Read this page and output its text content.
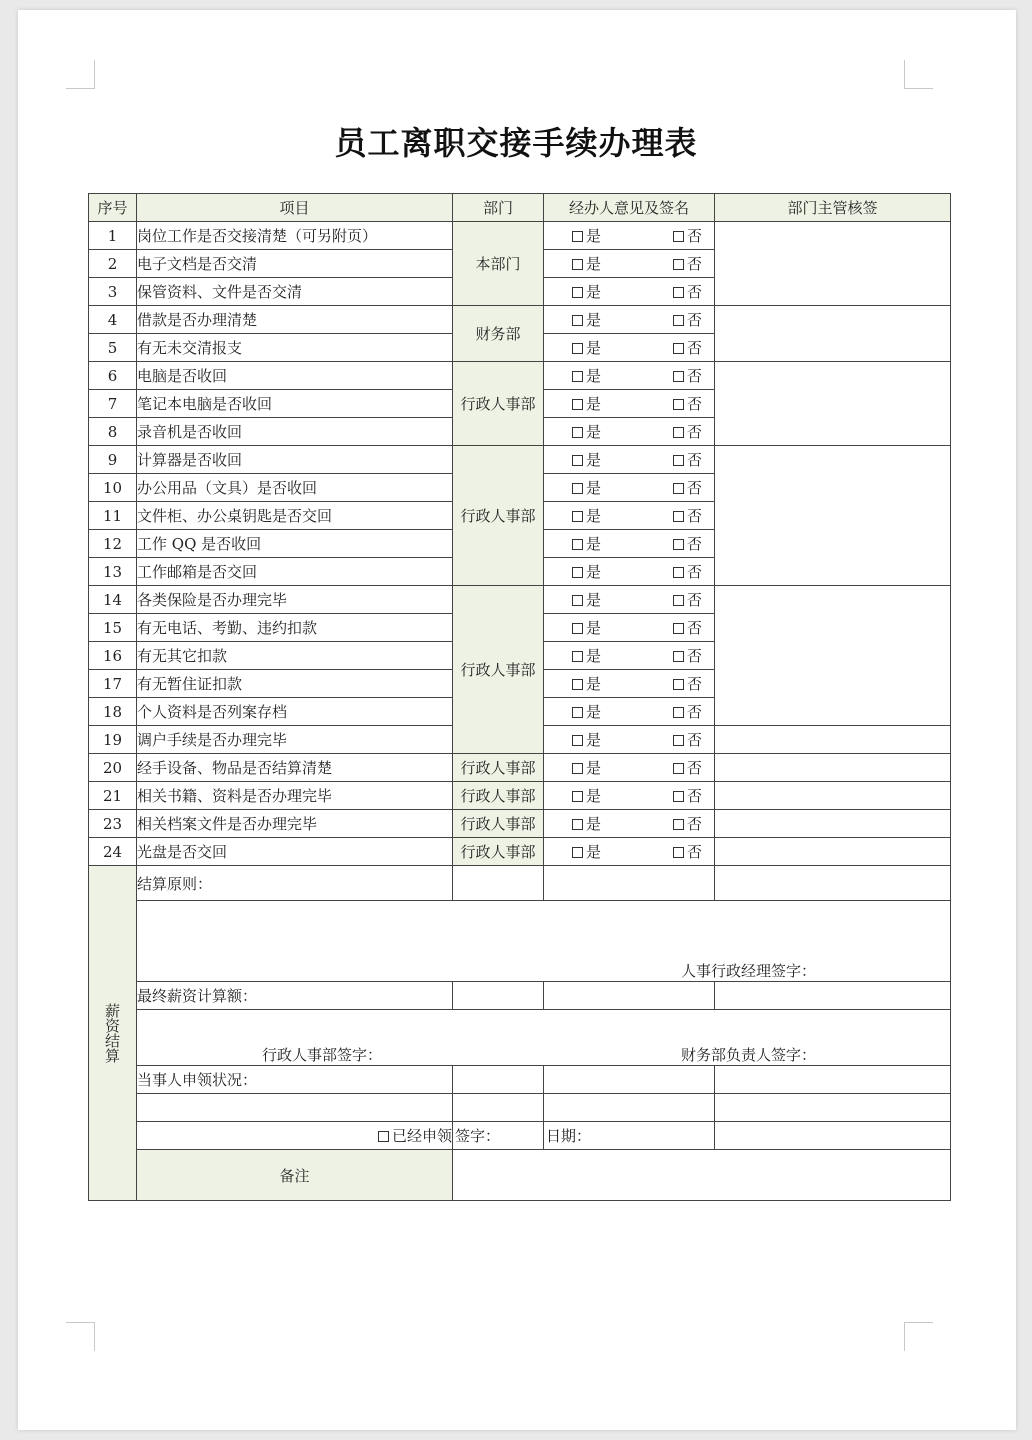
员工离职交接手续办理表
序号	项目	部门	经办人意见及签名	部门主管核签
1	岗位工作是否交接清楚（可另附页）	本部门	是 否	

2	电子文档是否交清		是 否	

3	保管资料、文件是否交清		是 否	

4	借款是否办理清楚	财务部	是 否	

5	有无未交清报支		是 否	

6	电脑是否收回	行政人事部	是 否	

7	笔记本电脑是否收回		是 否	

8	录音机是否收回		是 否	

9	计算器是否收回	行政人事部	是 否	

10	办公用品（文具）是否收回		是 否	

11	文件柜、办公桌钥匙是否交回		是 否	

12	工作 QQ 是否收回		是 否	

13	工作邮箱是否交回		是 否	

14	各类保险是否办理完毕	行政人事部	是 否	

15	有无电话、考勤、违约扣款		是 否	

16	有无其它扣款		是 否	

17	有无暂住证扣款		是 否	

18	个人资料是否列案存档		是 否	

19	调户手续是否办理完毕		是 否	

20	经手设备、物品是否结算清楚	行政人事部	是 否	

21	相关书籍、资料是否办理完毕	行政人事部	是 否	

23	相关档案文件是否办理完毕	行政人事部	是 否	

24	光盘是否交回	行政人事部	是 否	

薪资结算	结算原则：			
	人事行政经理签字：			
	最终薪资计算额：			

	行政人事部签字： 财务部负责人签字：			

	当事人申领状况：			

	已经申领	签字：	日期：	
	备注			
